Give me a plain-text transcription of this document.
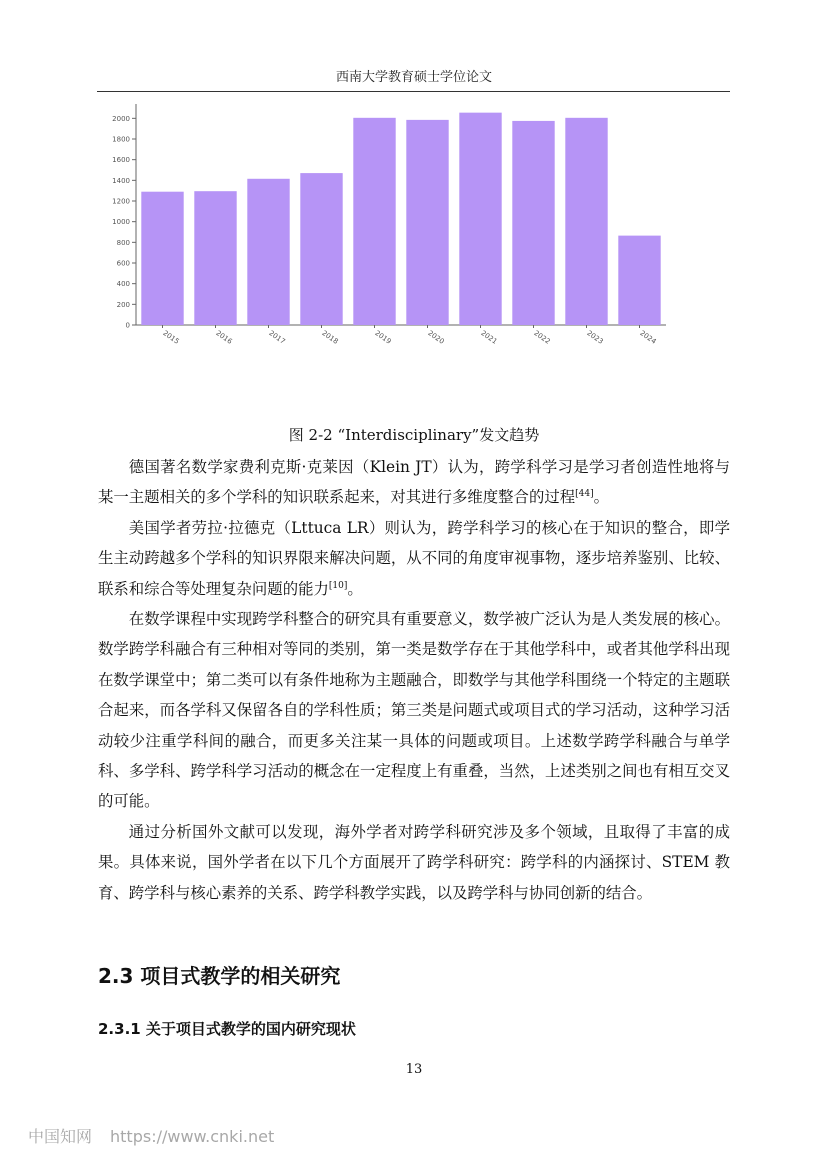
西南大学教育硕士学位论文
0
200
400
600
800
1000
1200
1400
1600
1800
2000
2015	2016	2017	2018	2019	2020	2021	2022	2023	2024
图 2-2 “Interdisciplinary”发文趋势

德国著名数学家费利克斯·克莱因（Klein JT）认为，跨学科学习是学习者创造性地将与某一主题相关的多个学科的知识联系起来，对其进行多维度整合的过程[44]。

美国学者劳拉·拉德克（Lttuca LR）则认为，跨学科学习的核心在于知识的整合，即学生主动跨越多个学科的知识界限来解决问题，从不同的角度审视事物，逐步培养鉴别、比较、联系和综合等处理复杂问题的能力[10]。

在数学课程中实现跨学科整合的研究具有重要意义，数学被广泛认为是人类发展的核心。数学跨学科融合有三种相对等同的类别，第一类是数学存在于其他学科中，或者其他学科出现在数学课堂中；第二类可以有条件地称为主题融合，即数学与其他学科围绕一个特定的主题联合起来，而各学科又保留各自的学科性质；第三类是问题式或项目式的学习活动，这种学习活动较少注重学科间的融合，而更多关注某一具体的问题或项目。上述数学跨学科融合与单学科、多学科、跨学科学习活动的概念在一定程度上有重叠，当然，上述类别之间也有相互交叉的可能。

通过分析国外文献可以发现，海外学者对跨学科研究涉及多个领域，且取得了丰富的成果。具体来说，国外学者在以下几个方面展开了跨学科研究：跨学科的内涵探讨、STEM 教育、跨学科与核心素养的关系、跨学科教学实践，以及跨学科与协同创新的结合。

2.3 项目式教学的相关研究
2.3.1 关于项目式教学的国内研究现状
13
中国知网 https://www.cnki.net
